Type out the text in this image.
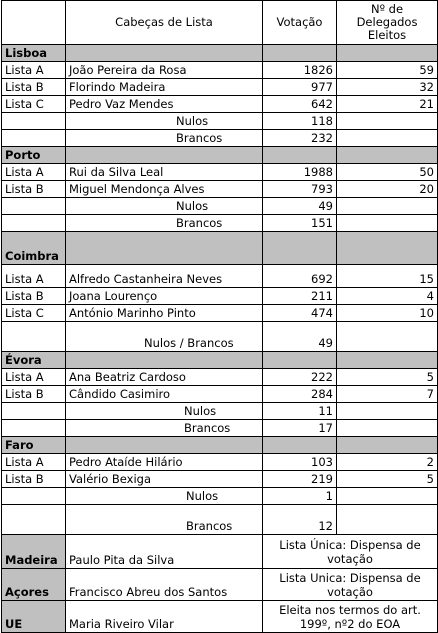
	Cabeças de Lista	Votação	Nº de Delegados Eleitos
Lisboa			
Lista A	João Pereira da Rosa	1826	59
Lista B	Florindo Madeira	977	32
Lista C	Pedro Vaz Mendes	642	21
	Nulos	118	
	Brancos	232	
Porto			
Lista A	Rui da Silva Leal	1988	50
Lista B	Miguel Mendonça Alves	793	20
	Nulos	49	
	Brancos	151	
Coimbra			
Lista A	Alfredo Castanheira Neves	692	15
Lista B	Joana Lourenço	211	4
Lista C	António Marinho Pinto	474	10
	Nulos / Brancos	49	
Évora			
Lista A	Ana Beatriz Cardoso	222	5
Lista B	Cândido Casimiro	284	7
	Nulos	11	
	Brancos	17	
Faro			
Lista A	Pedro Ataíde Hilário	103	2
Lista B	Valério Bexiga	219	5
	Nulos	1	
	Brancos	12	
Madeira	Paulo Pita da Silva	Lista Única: Dispensa de votação	
Açores	Francisco Abreu dos Santos	Lista Unica: Dispensa de votação	
UE	Maria Riveiro Vilar	Eleita nos termos do art. 199º, nº2 do EOA	
